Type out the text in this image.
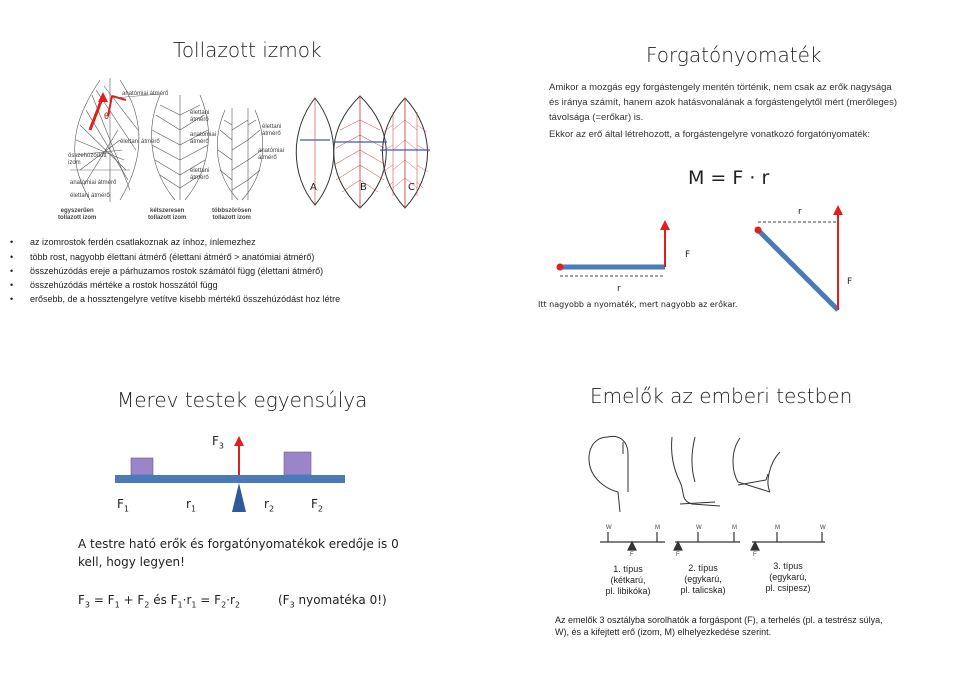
Tollazott izmok
anatómiai átmérő
θ
élettani átmérő
összehúzódott
izom
anatómiai átmérő
élettani átmérő
élettani
átmérő
anatómiai
átmérő
élettani
átmérő
élettani
átmérő
anatómiai
átmérő
egyszerűen
tollazott izom
kétszeresen
tollazott izom
többszörösen
tollazott izom
A	B	C
• az izomrostok ferdén csatlakoznak az ínhoz, ínlemezhez
• több rost, nagyobb élettani átmérő (élettani átmérő > anatómiai átmérő)
• összehúzódás ereje a párhuzamos rostok számától függ (élettani átmérő)
• összehúzódás mértéke a rostok hosszától függ
• erősebb, de a hossztengelyre vetítve kisebb mértékű összehúzódást hoz létre
Forgatónyomaték
Amikor a mozgás egy forgástengely mentén történik, nem csak az erők nagysága és iránya számít, hanem azok hatásvonalának a forgástengelytől mért (merőleges) távolsága (=erőkar) is.
Ekkor az erő által létrehozott, a forgástengelyre vonatkozó forgatónyomaték:
M = F · r
F
r
r
F
Itt nagyobb a nyomaték, mert nagyobb az erőkar.
Merev testek egyensúlya
$F_3$
$F_1$	$r_1$	$r_2$	$F_2$
A testre ható erők és forgatónyomatékok eredője is 0 kell, hogy legyen!
$F_3 = F_1 + F_2$ és $F_1\cdot r_1 = F_2\cdot r_2$	($F_3$ nyomatéka 0!)
Emelők az emberi testben
W	M
F
M
W
F
M	W
F
1. típus
(kétkarú,
pl. libikóka)
2. típus
(egykarú,
pl. talicska)
3. típus
(egykarú,
pl. csipesz)
Az emelők 3 osztályba sorolhatók a forgáspont (F), a terhelés (pl. a testrész súlya, W), és a kifejtett erő (izom, M) elhelyezkedése szerint.
